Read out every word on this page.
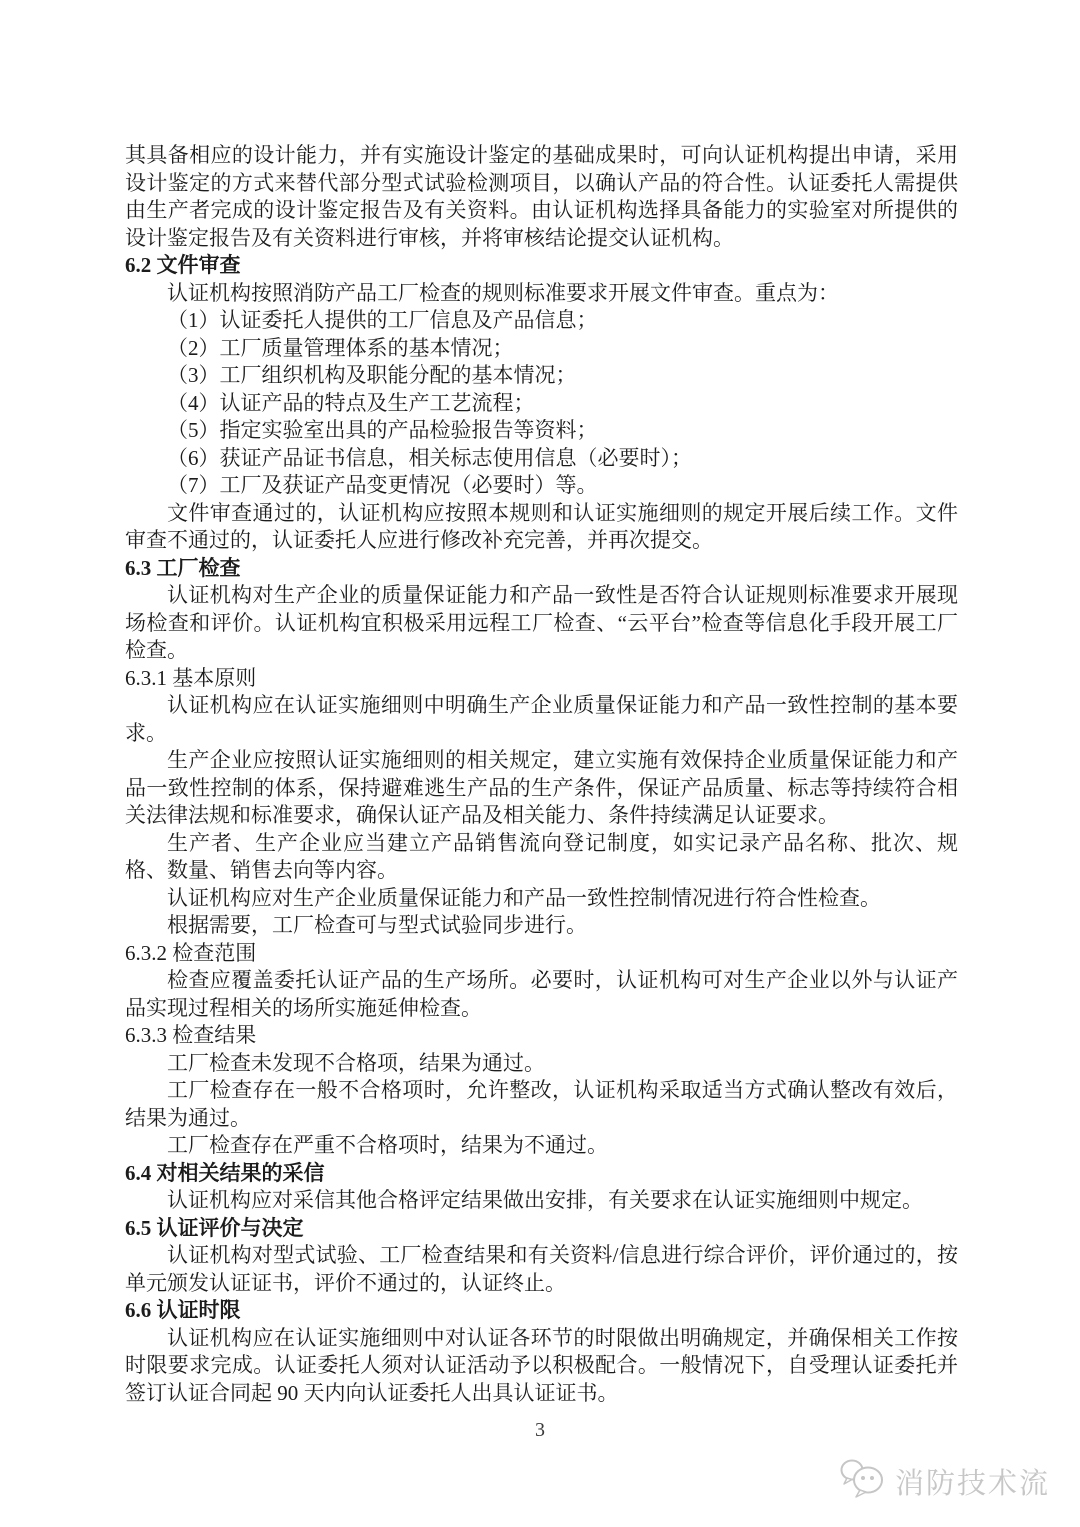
其具备相应的设计能力，并有实施设计鉴定的基础成果时，可向认证机构提出申请，采用设计鉴定的方式来替代部分型式试验检测项目，以确认产品的符合性。认证委托人需提供由生产者完成的设计鉴定报告及有关资料。由认证机构选择具备能力的实验室对所提供的设计鉴定报告及有关资料进行审核，并将审核结论提交认证机构。

6.2 文件审查

认证机构按照消防产品工厂检查的规则标准要求开展文件审查。重点为：

（1）认证委托人提供的工厂信息及产品信息；

（2）工厂质量管理体系的基本情况；

（3）工厂组织机构及职能分配的基本情况；

（4）认证产品的特点及生产工艺流程；

（5）指定实验室出具的产品检验报告等资料；

（6）获证产品证书信息，相关标志使用信息（必要时）；

（7）工厂及获证产品变更情况（必要时）等。

文件审查通过的，认证机构应按照本规则和认证实施细则的规定开展后续工作。文件审查不通过的，认证委托人应进行修改补充完善，并再次提交。

6.3 工厂检查

认证机构对生产企业的质量保证能力和产品一致性是否符合认证规则标准要求开展现场检查和评价。认证机构宜积极采用远程工厂检查、“云平台”检查等信息化手段开展工厂检查。

6.3.1 基本原则

认证机构应在认证实施细则中明确生产企业质量保证能力和产品一致性控制的基本要求。

生产企业应按照认证实施细则的相关规定，建立实施有效保持企业质量保证能力和产品一致性控制的体系，保持避难逃生产品的生产条件，保证产品质量、标志等持续符合相关法律法规和标准要求，确保认证产品及相关能力、条件持续满足认证要求。

生产者、生产企业应当建立产品销售流向登记制度，如实记录产品名称、批次、规格、数量、销售去向等内容。

认证机构应对生产企业质量保证能力和产品一致性控制情况进行符合性检查。

根据需要，工厂检查可与型式试验同步进行。

6.3.2 检查范围

检查应覆盖委托认证产品的生产场所。必要时，认证机构可对生产企业以外与认证产品实现过程相关的场所实施延伸检查。

6.3.3 检查结果

工厂检查未发现不合格项，结果为通过。

工厂检查存在一般不合格项时，允许整改，认证机构采取适当方式确认整改有效后，结果为通过。

工厂检查存在严重不合格项时，结果为不通过。

6.4 对相关结果的采信

认证机构应对采信其他合格评定结果做出安排，有关要求在认证实施细则中规定。

6.5 认证评价与决定

认证机构对型式试验、工厂检查结果和有关资料/信息进行综合评价，评价通过的，按单元颁发认证证书，评价不通过的，认证终止。

6.6 认证时限

认证机构应在认证实施细则中对认证各环节的时限做出明确规定，并确保相关工作按时限要求完成。认证委托人须对认证活动予以积极配合。一般情况下，自受理认证委托并签订认证合同起 90 天内向认证委托人出具认证证书。

3
消防技术流
